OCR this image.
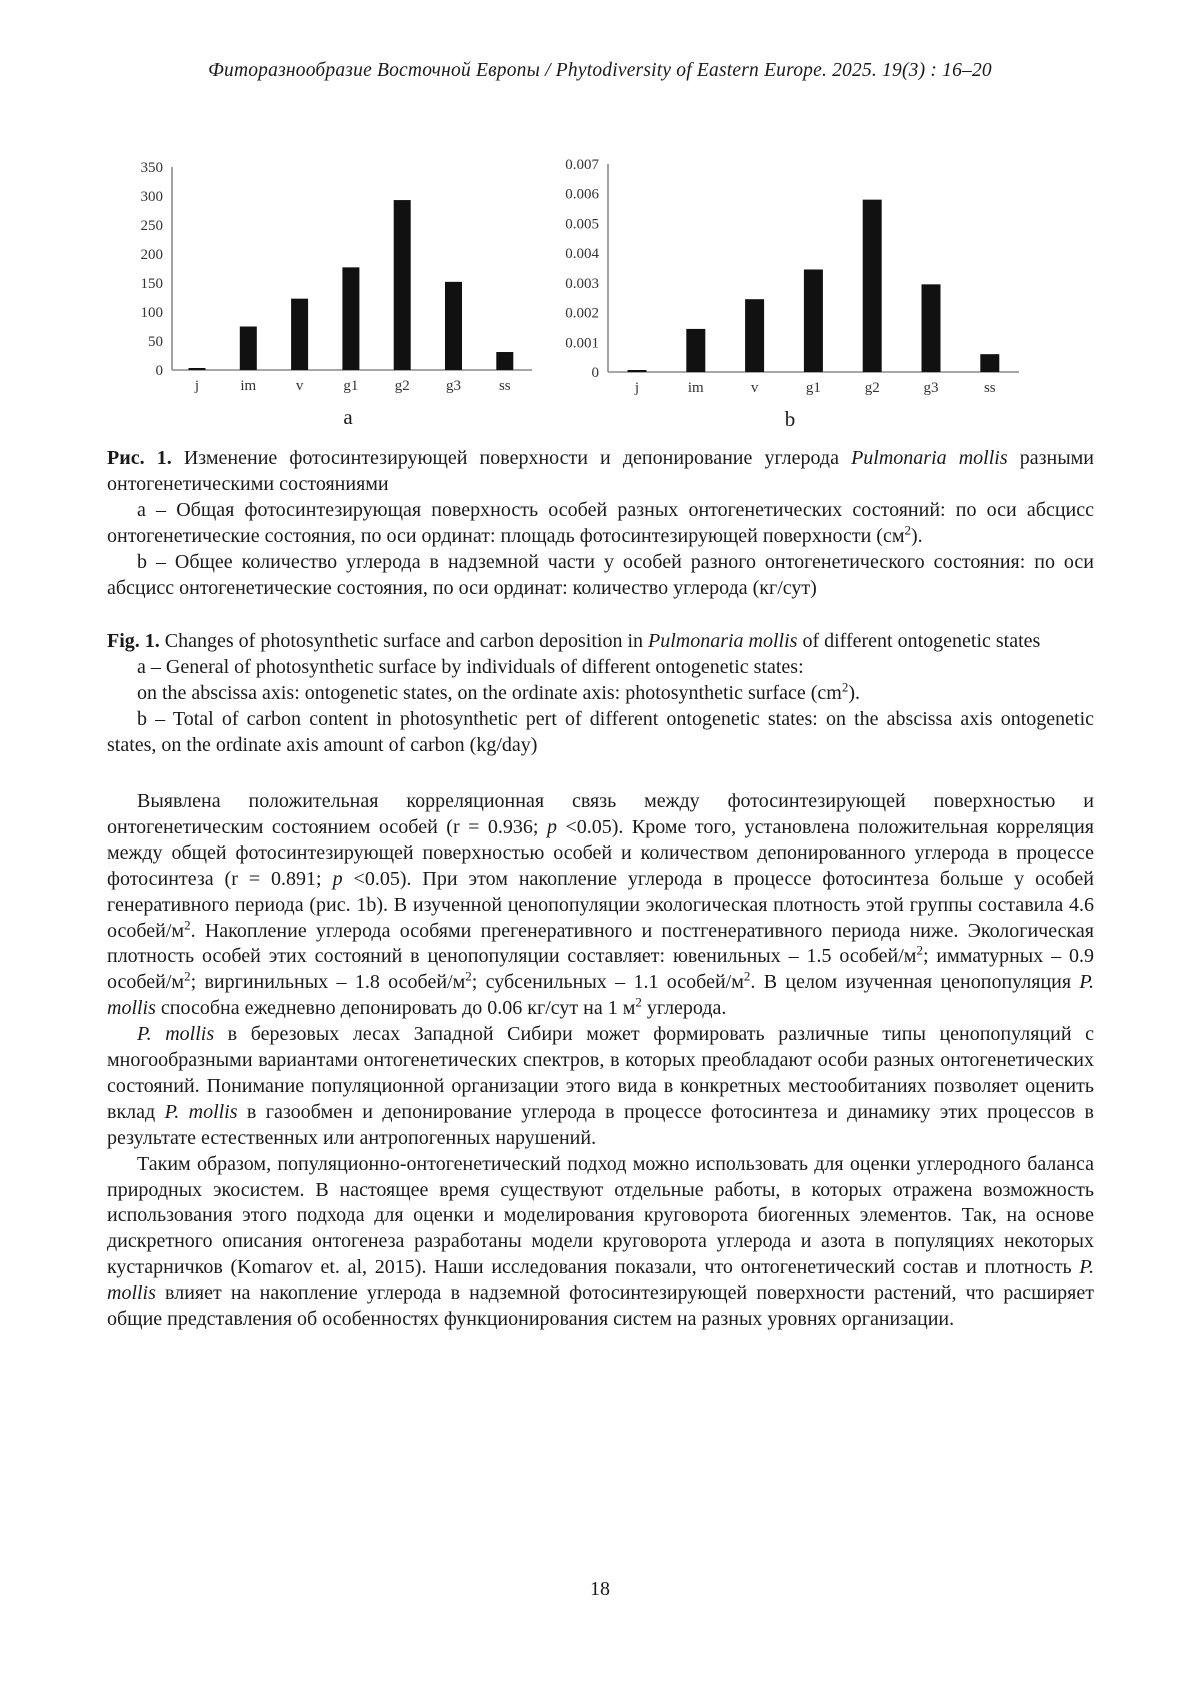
Фиторазнообразие Восточной Европы / Phytodiversity of Eastern Europe. 2025. 19(3) : 16–20
0
50
100
150
200
250
300
350
j	im	v	g1 g2 g3	ss
a
0
0.001
0.002
0.003
0.004
0.005
0.006
0.007
j	im	v	g1	g2	g3	ss
b

Рис. 1. Изменение фотосинтезирующей поверхности и депонирование углерода Pulmonaria mollis разными онтогенетическими состояниями

а – Общая фотосинтезирующая поверхность особей разных онтогенетических состояний: по оси абсцисс онтогенетические состояния, по оси ординат: площадь фотосинтезирующей поверхности $(см^2)$.

b – Общее количество углерода в надземной части у особей разного онтогенетического состояния: по оси абсцисс онтогенетические состояния, по оси ординат: количество углерода (кг/сут)

Fig. 1. Changes of photosynthetic surface and carbon deposition in Pulmonaria mollis of different ontogenetic states

a – General of photosynthetic surface by individuals of different ontogenetic states:

on the abscissa axis: ontogenetic states, on the ordinate axis: photosynthetic surface $(cm^2)$.

b – Total of carbon content in photosynthetic pert of different ontogenetic states: on the abscissa axis ontogenetic states, on the ordinate axis amount of carbon (kg/day)

Выявлена положительная корреляционная связь между фотосинтезирующей поверхностью и онтогенетическим состоянием особей (r = 0.936; p <0.05). Кроме того, установлена положительная корреляция между общей фотосинтезирующей поверхностью особей и количеством депонированного углерода в процессе фотосинтеза (r = 0.891; p <0.05). При этом накопление углерода в процессе фотосинтеза больше у особей генеративного периода (рис. 1b). В изученной ценопопуляции экологическая плотность этой группы составила 4.6 особей/$м^2$. Накопление углерода особями прегенеративного и постгенеративного периода ниже. Экологическая плотность особей этих состояний в ценопопуляции составляет: ювенильных – 1.5 особей/$м^2$; имматурных – 0.9 особей/$м^2$; виргинильных – 1.8 особей/$м^2$; субсенильных – 1.1 особей/$м^2$. В целом изученная ценопопуляция P. mollis способна ежедневно депонировать до 0.06 кг/сут на 1 $м^2$ углерода.

P. mollis в березовых лесах Западной Сибири может формировать различные типы ценопопуляций с многообразными вариантами онтогенетических спектров, в которых преобладают особи разных онтогенетических состояний. Понимание популяционной организации этого вида в конкретных местообитаниях позволяет оценить вклад P. mollis в газообмен и депонирование углерода в процессе фотосинтеза и динамику этих процессов в результате естественных или антропогенных нарушений.

Таким образом, популяционно-онтогенетический подход можно использовать для оценки углеродного баланса природных экосистем. В настоящее время существуют отдельные работы, в которых отражена возможность использования этого подхода для оценки и моделирования круговорота биогенных элементов. Так, на основе дискретного описания онтогенеза разработаны модели круговорота углерода и азота в популяциях некоторых кустарничков (Komarov et. al, 2015). Наши исследования показали, что онтогенетический состав и плотность P. mollis влияет на накопление углерода в надземной фотосинтезирующей поверхности растений, что расширяет общие представления об особенностях функционирования систем на разных уровнях организации.

18
